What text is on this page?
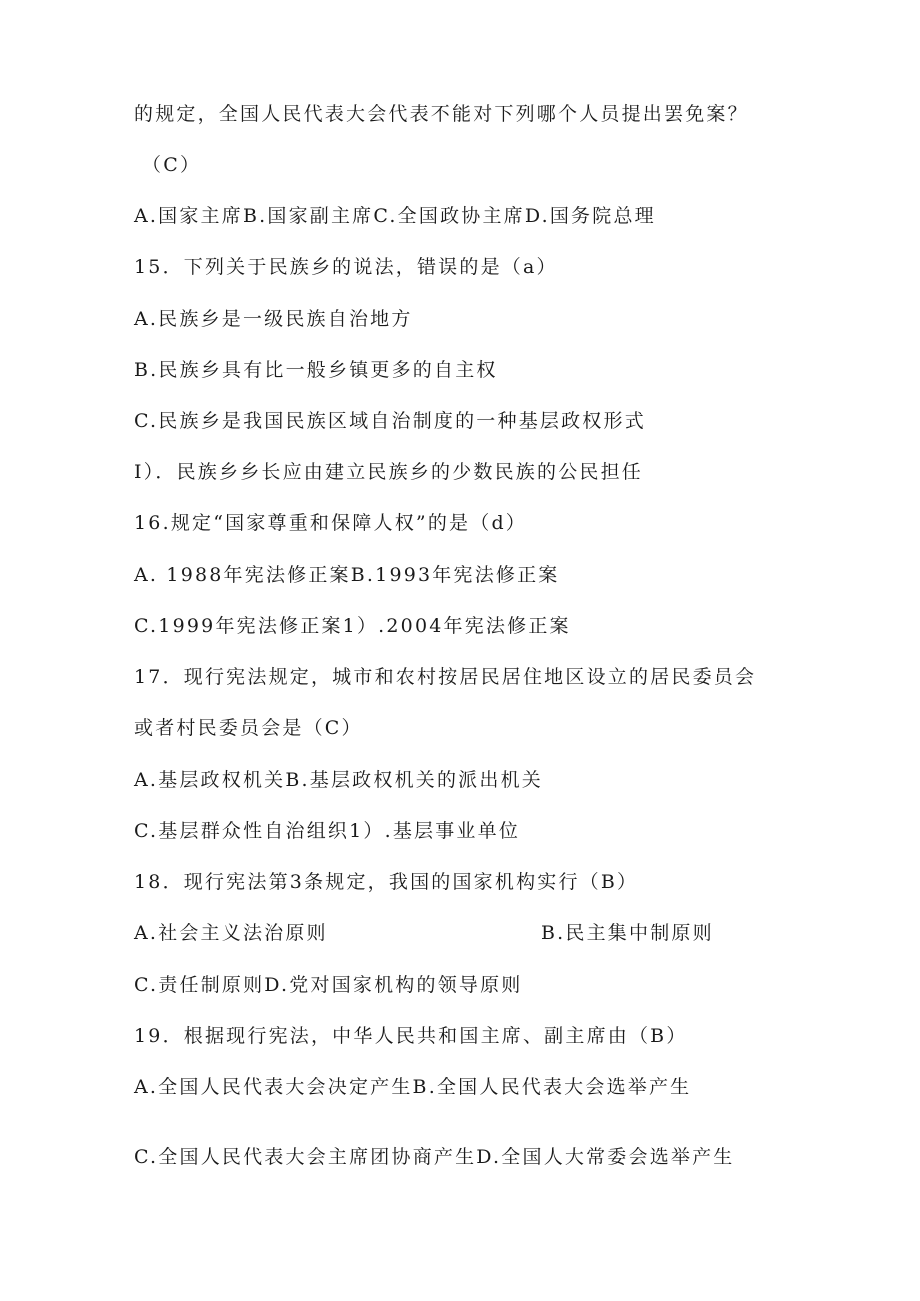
的规定，全国人民代表大会代表不能对下列哪个人员提出罢免案？
（C）
A.国家主席B.国家副主席C.全国政协主席D.国务院总理
15．下列关于民族乡的说法，错误的是（a）
A.民族乡是一级民族自治地方
B.民族乡具有比一般乡镇更多的自主权
C.民族乡是我国民族区域自治制度的一种基层政权形式
I）．民族乡乡长应由建立民族乡的少数民族的公民担任
16.规定“国家尊重和保障人权”的是（d）
A. 1988年宪法修正案B.1993年宪法修正案
C.1999年宪法修正案1）.2004年宪法修正案
17．现行宪法规定，城市和农村按居民居住地区设立的居民委员会
或者村民委员会是（C）
A.基层政权机关B.基层政权机关的派出机关
C.基层群众性自治组织1）.基层事业单位
18．现行宪法第3条规定，我国的国家机构实行（B）
A.社会主义法治原则	B.民主集中制原则
C.责任制原则D.党对国家机构的领导原则
19．根据现行宪法，中华人民共和国主席、副主席由（B）
A.全国人民代表大会决定产生B.全国人民代表大会选举产生
C.全国人民代表大会主席团协商产生D.全国人大常委会选举产生
